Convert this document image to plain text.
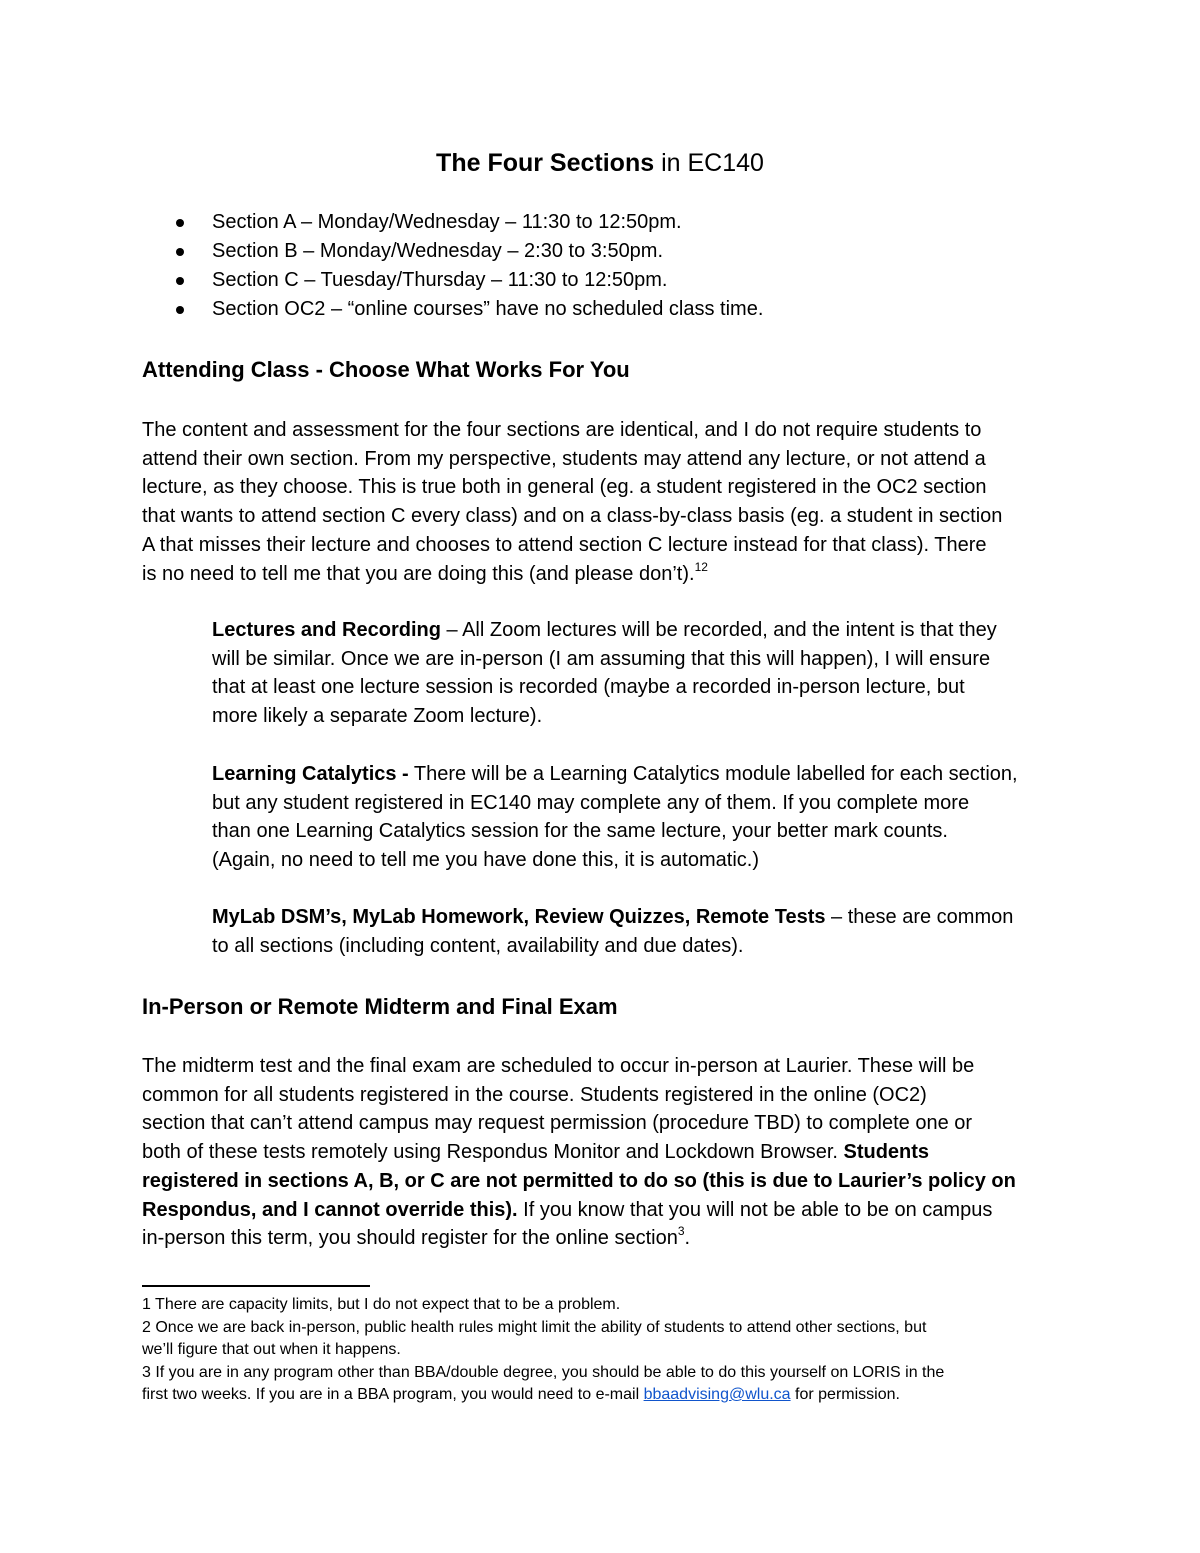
The Four Sections in EC140
Section A – Monday/Wednesday – 11:30 to 12:50pm.
Section B – Monday/Wednesday – 2:30 to 3:50pm.
Section C – Tuesday/Thursday – 11:30 to 12:50pm.
Section OC2 – “online courses” have no scheduled class time.
Attending Class - Choose What Works For You
The content and assessment for the four sections are identical, and I do not require students to
attend their own section. From my perspective, students may attend any lecture, or not attend a
lecture, as they choose. This is true both in general (eg. a student registered in the OC2 section
that wants to attend section C every class) and on a class-by-class basis (eg. a student in section
A that misses their lecture and chooses to attend section C lecture instead for that class). There
is no need to tell me that you are doing this (and please don’t).$^{12}$
Lectures and Recording – All Zoom lectures will be recorded, and the intent is that they
will be similar. Once we are in-person (I am assuming that this will happen), I will ensure
that at least one lecture session is recorded (maybe a recorded in-person lecture, but
more likely a separate Zoom lecture).
Learning Catalytics - There will be a Learning Catalytics module labelled for each section,
but any student registered in EC140 may complete any of them. If you complete more
than one Learning Catalytics session for the same lecture, your better mark counts.
(Again, no need to tell me you have done this, it is automatic.)
MyLab DSM’s, MyLab Homework, Review Quizzes, Remote Tests – these are common
to all sections (including content, availability and due dates).
In-Person or Remote Midterm and Final Exam
The midterm test and the final exam are scheduled to occur in-person at Laurier. These will be
common for all students registered in the course. Students registered in the online (OC2)
section that can’t attend campus may request permission (procedure TBD) to complete one or
both of these tests remotely using Respondus Monitor and Lockdown Browser. Students
registered in sections A, B, or C are not permitted to do so (this is due to Laurier’s policy on
Respondus, and I cannot override this). If you know that you will not be able to be on campus
in-person this term, you should register for the online section$^3$.
1 There are capacity limits, but I do not expect that to be a problem.
2 Once we are back in-person, public health rules might limit the ability of students to attend other sections, but
we’ll figure that out when it happens.
3 If you are in any program other than BBA/double degree, you should be able to do this yourself on LORIS in the
first two weeks. If you are in a BBA program, you would need to e-mail bbaadvising@wlu.ca for permission.
